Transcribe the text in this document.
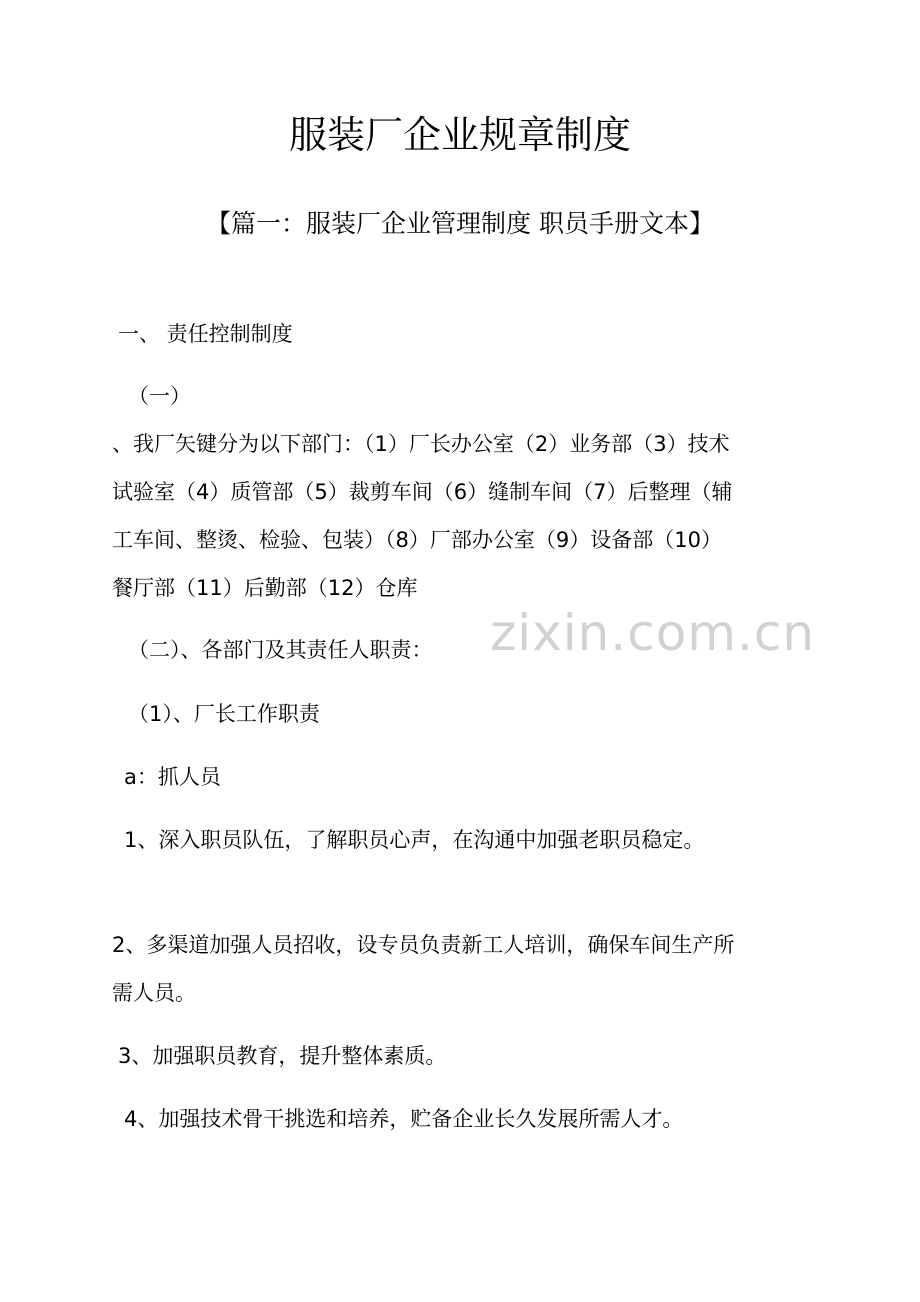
服装厂企业规章制度
【篇一：服装厂企业管理制度 职员手册文本】
一、 责任控制制度
（一）
、我厂矢键分为以下部门：（1）厂长办公室（2）业务部（3）技术
试验室（4）质管部（5）裁剪车间（6）缝制车间（7）后整理（辅
工车间、整烫、检验、包装）（8）厂部办公室（9）设备部（10）
餐厅部（11）后勤部（12）仓库
zixin.com.cn
（二）、各部门及其责任人职责：
（1）、厂长工作职责
a：抓人员
1、深入职员队伍，了解职员心声，在沟通中加强老职员稳定。
2、多渠道加强人员招收，设专员负责新工人培训，确保车间生产所
需人员。
3、加强职员教育，提升整体素质。
4、加强技术骨干挑选和培养，贮备企业长久发展所需人才。
